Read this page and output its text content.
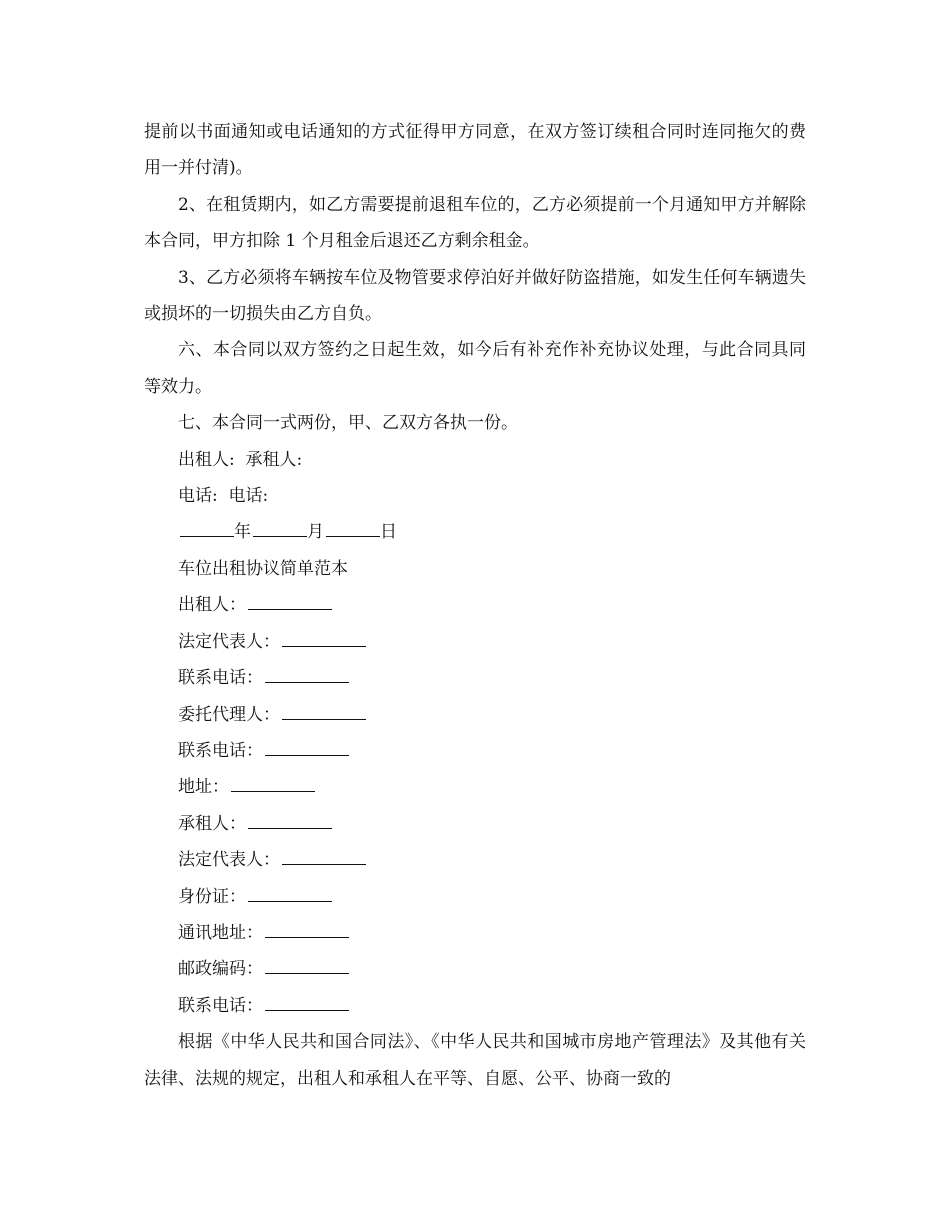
提前以书面通知或电话通知的方式征得甲方同意，在双方签订续租合同时连同拖欠的费用一并付清)。

2、在租赁期内，如乙方需要提前退租车位的，乙方必须提前一个月通知甲方并解除本合同，甲方扣除 1 个月租金后退还乙方剩余租金。

3、乙方必须将车辆按车位及物管要求停泊好并做好防盗措施，如发生任何车辆遗失或损坏的一切损失由乙方自负。

六、本合同以双方签约之日起生效，如今后有补充作补充协议处理，与此合同具同等效力。

七、本合同一式两份，甲、乙双方各执一份。

出租人:  承租人:

电话:  电话:

年	月	日

车位出租协议简单范本

出租人：

法定代表人：

联系电话：

委托代理人：

联系电话：

地址：

承租人：

法定代表人：

身份证：

通讯地址：

邮政编码：

联系电话：

根据《中华人民共和国合同法》、《中华人民共和国城市房地产管理法》及其他有关法律、法规的规定，出租人和承租人在平等、自愿、公平、协商一致的
